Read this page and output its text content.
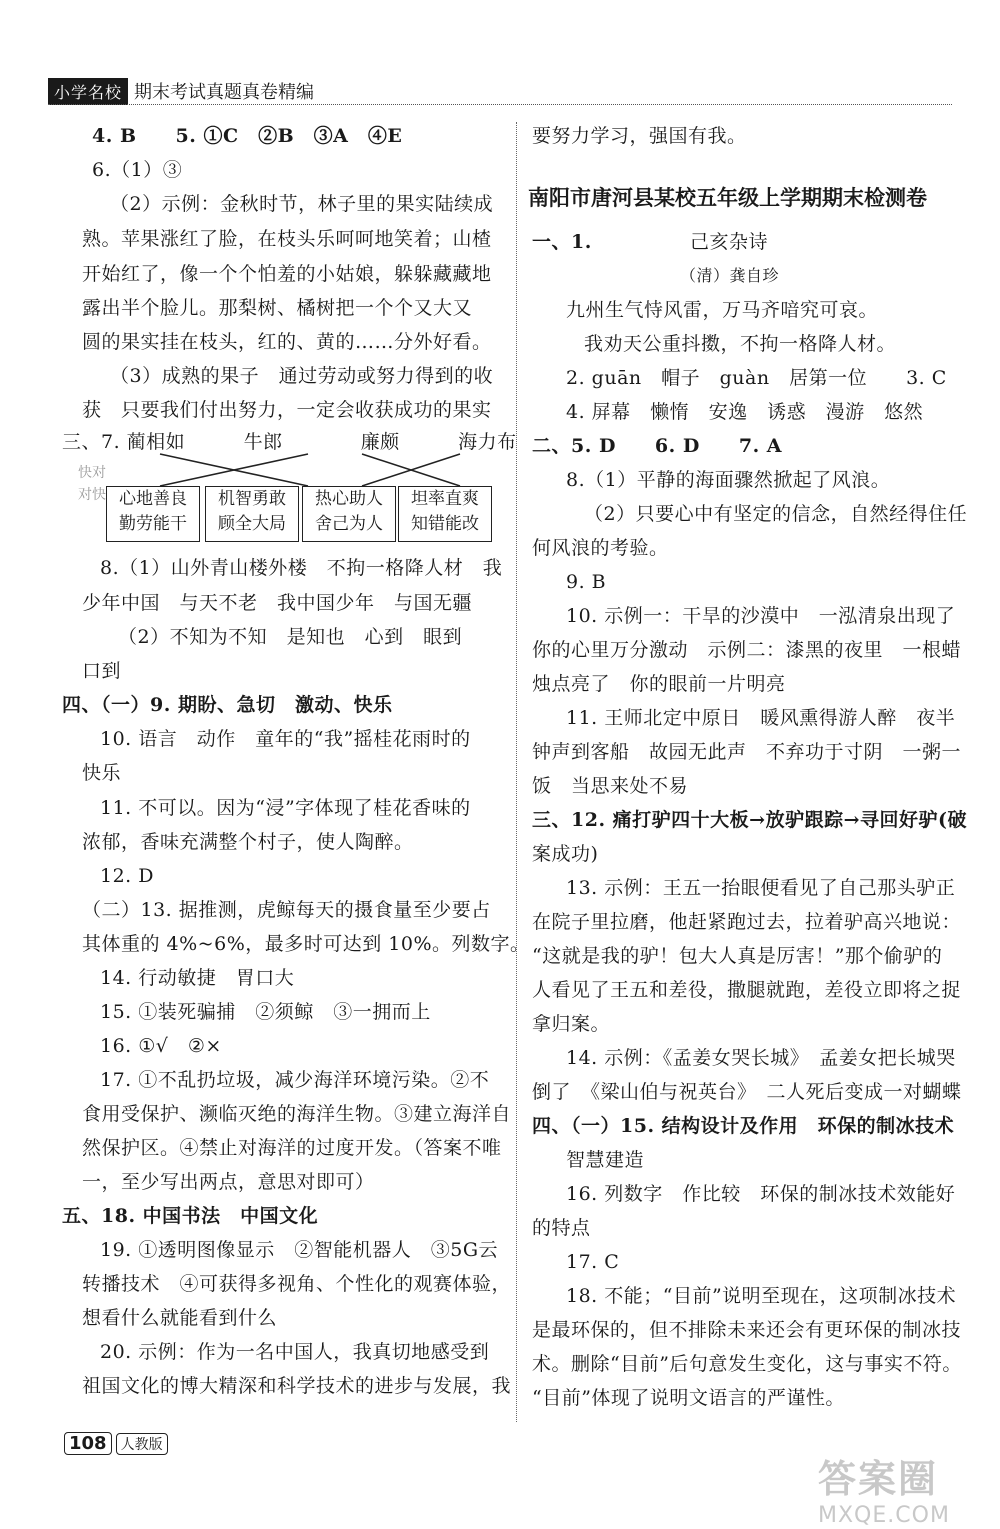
小学名校 期末考试真题真卷精编
4. B　　5. ①C　②B　③A　④E
6.（1）③
（2）示例：金秋时节，林子里的果实陆续成
熟。苹果涨红了脸，在枝头乐呵呵地笑着；山楂
开始红了，像一个个怕羞的小姑娘，躲躲藏藏地
露出半个脸儿。那梨树、橘树把一个个又大又
圆的果实挂在枝头，红的、黄的……分外好看。
（3）成熟的果子　通过劳动或努力得到的收
获　只要我们付出努力，一定会收获成功的果实
三、7. 蔺相如　　　牛郎　　　　廉颇　　　海力布
快对
对快 心地善良
勤劳能干
机智勇敢
顾全大局
热心助人
舍己为人
坦率直爽
知错能改
8.（1）山外青山楼外楼　不拘一格降人材　我
少年中国　与天不老　我中国少年　与国无疆
（2）不知为不知　是知也　心到　眼到
口到
四、（一）9. 期盼、急切　激动、快乐
10. 语言　动作　童年的“我”摇桂花雨时的
快乐
11. 不可以。因为“浸”字体现了桂花香味的
浓郁，香味充满整个村子，使人陶醉。
12. D
（二）13. 据推测，虎鲸每天的摄食量至少要占
其体重的 4%~6%，最多时可达到 10%。列数字。
14. 行动敏捷　胃口大
15. ①装死骗捕　②须鲸　③一拥而上
16. ①√　②×
17. ①不乱扔垃圾，减少海洋环境污染。②不
食用受保护、濒临灭绝的海洋生物。③建立海洋自
然保护区。④禁止对海洋的过度开发。（答案不唯
一，至少写出两点，意思对即可）
五、18. 中国书法　中国文化
19. ①透明图像显示　②智能机器人　③5G云
转播技术　④可获得多视角、个性化的观赛体验，
想看什么就能看到什么
20. 示例：作为一名中国人，我真切地感受到
祖国文化的博大精深和科学技术的进步与发展，我
要努力学习，强国有我。
南阳市唐河县某校五年级上学期期末检测卷
一、1.	己亥杂诗
（清）龚自珍
九州生气恃风雷，万马齐喑究可哀。
我劝天公重抖擞，不拘一格降人材。
2. guān　帽子　guàn　居第一位　　3. C
4. 屏幕　懒惰　安逸　诱惑　漫游　悠然
二、5. D　　6. D　　7. A
8.（1）平静的海面骤然掀起了风浪。
（2）只要心中有坚定的信念，自然经得住任
何风浪的考验。
9. B
10. 示例一：干旱的沙漠中　一泓清泉出现了
你的心里万分激动　示例二：漆黑的夜里　一根蜡
烛点亮了　你的眼前一片明亮
11. 王师北定中原日　暖风熏得游人醉　夜半
钟声到客船　故园无此声　不弃功于寸阴　一粥一
饭　当思来处不易
三、12. 痛打驴四十大板→放驴跟踪→寻回好驴(破
案成功)
13. 示例：王五一抬眼便看见了自己那头驴正
在院子里拉磨，他赶紧跑过去，拉着驴高兴地说：
“这就是我的驴！包大人真是厉害！”那个偷驴的
人看见了王五和差役，撒腿就跑，差役立即将之捉
拿归案。
14. 示例：《孟姜女哭长城》　孟姜女把长城哭
倒了　《梁山伯与祝英台》　二人死后变成一对蝴蝶
四、（一）15. 结构设计及作用　环保的制冰技术
智慧建造
16. 列数字　作比较　环保的制冰技术效能好
的特点
17. C
18. 不能；“目前”说明至现在，这项制冰技术
是最环保的，但不排除未来还会有更环保的制冰技
术。删除“目前”后句意发生变化，这与事实不符。
“目前”体现了说明文语言的严谨性。
108	人教版
答案圈
MXQE.COM
